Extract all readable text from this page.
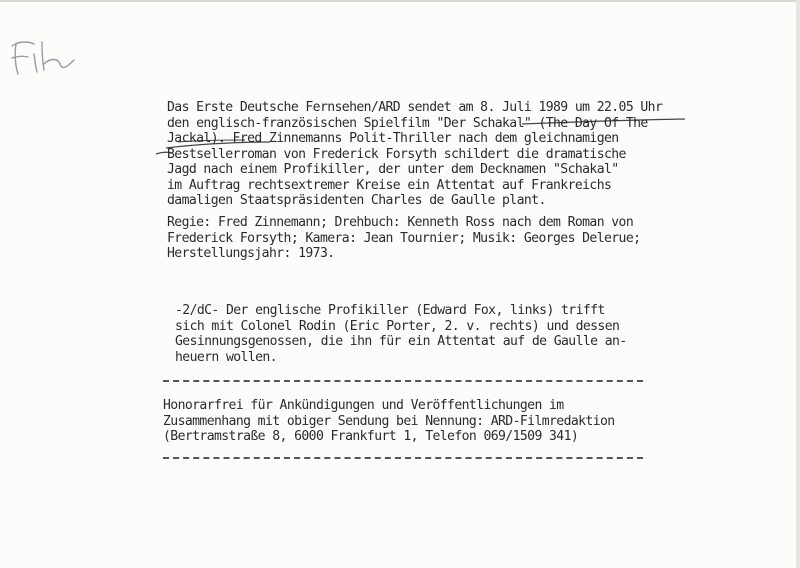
Das Erste Deutsche Fernsehen/ARD sendet am 8. Juli 1989 um 22.05 Uhr
den englisch-französischen Spielfilm "Der Schakal" (The Day Of The
Jackal). Fred Zinnemanns Polit-Thriller nach dem gleichnamigen
Bestsellerroman von Frederick Forsyth schildert die dramatische
Jagd nach einem Profikiller, der unter dem Decknamen "Schakal"
im Auftrag rechtsextremer Kreise ein Attentat auf Frankreichs
damaligen Staatspräsidenten Charles de Gaulle plant.
Regie: Fred Zinnemann; Drehbuch: Kenneth Ross nach dem Roman von
Frederick Forsyth; Kamera: Jean Tournier; Musik: Georges Delerue;
Herstellungsjahr: 1973.
-2/dC- Der englische Profikiller (Edward Fox, links) trifft
sich mit Colonel Rodin (Eric Porter, 2. v. rechts) und dessen
Gesinnungsgenossen, die ihn für ein Attentat auf de Gaulle an-
heuern wollen.
Honorarfrei für Ankündigungen und Veröffentlichungen im
Zusammenhang mit obiger Sendung bei Nennung: ARD-Filmredaktion
(Bertramstraße 8, 6000 Frankfurt 1, Telefon 069/1509 341)
